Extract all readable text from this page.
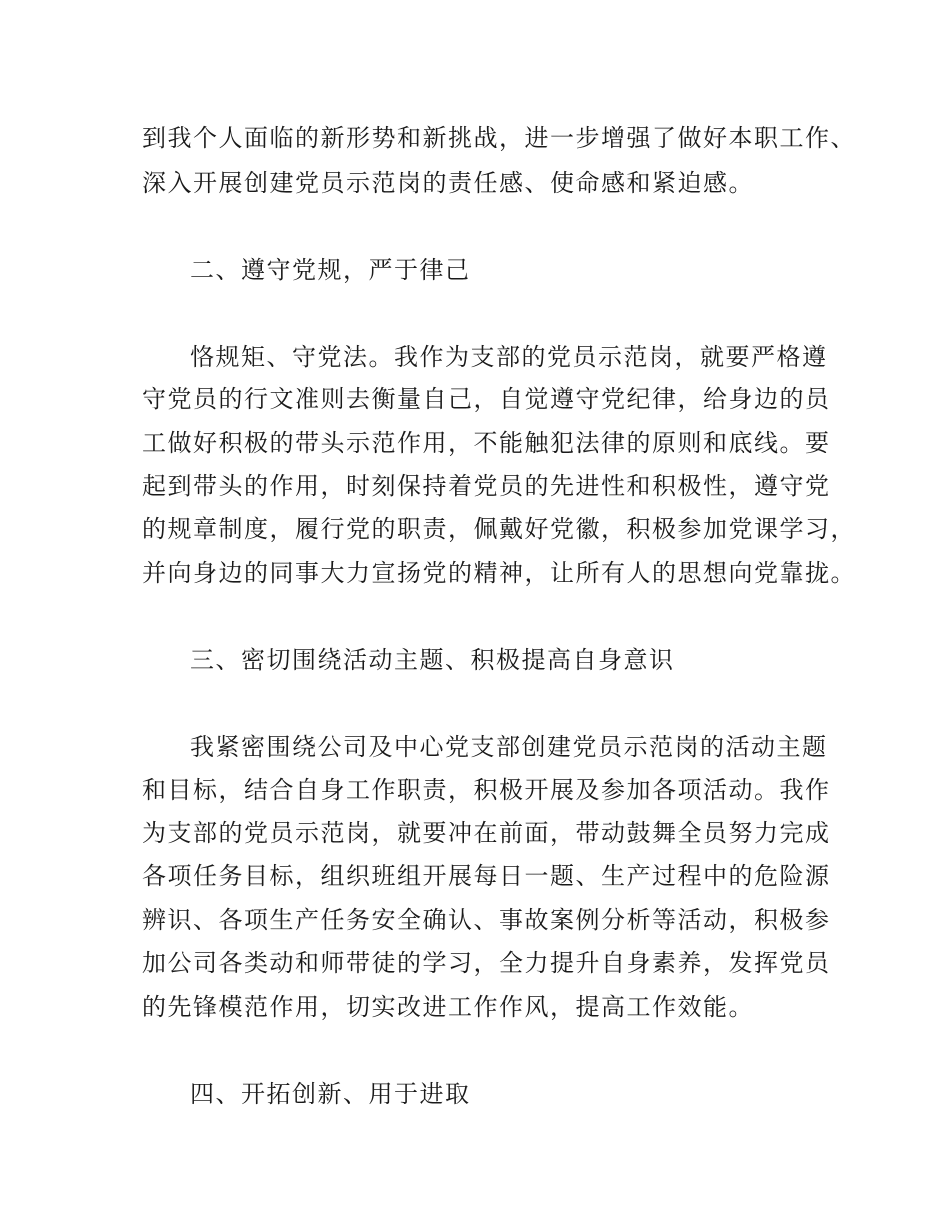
到我个人面临的新形势和新挑战，进一步增强了做好本职工作、
深入开展创建党员示范岗的责任感、使命感和紧迫感。
二、遵守党规，严于律己
恪规矩、守党法。我作为支部的党员示范岗，就要严格遵
守党员的行文准则去衡量自己，自觉遵守党纪律，给身边的员
工做好积极的带头示范作用，不能触犯法律的原则和底线。要
起到带头的作用，时刻保持着党员的先进性和积极性，遵守党
的规章制度，履行党的职责，佩戴好党徽，积极参加党课学习，
并向身边的同事大力宣扬党的精神，让所有人的思想向党靠拢。
三、密切围绕活动主题、积极提高自身意识
我紧密围绕公司及中心党支部创建党员示范岗的活动主题
和目标，结合自身工作职责，积极开展及参加各项活动。我作
为支部的党员示范岗，就要冲在前面，带动鼓舞全员努力完成
各项任务目标，组织班组开展每日一题、生产过程中的危险源
辨识、各项生产任务安全确认、事故案例分析等活动，积极参
加公司各类动和师带徒的学习，全力提升自身素养，发挥党员
的先锋模范作用，切实改进工作作风，提高工作效能。
四、开拓创新、用于进取
